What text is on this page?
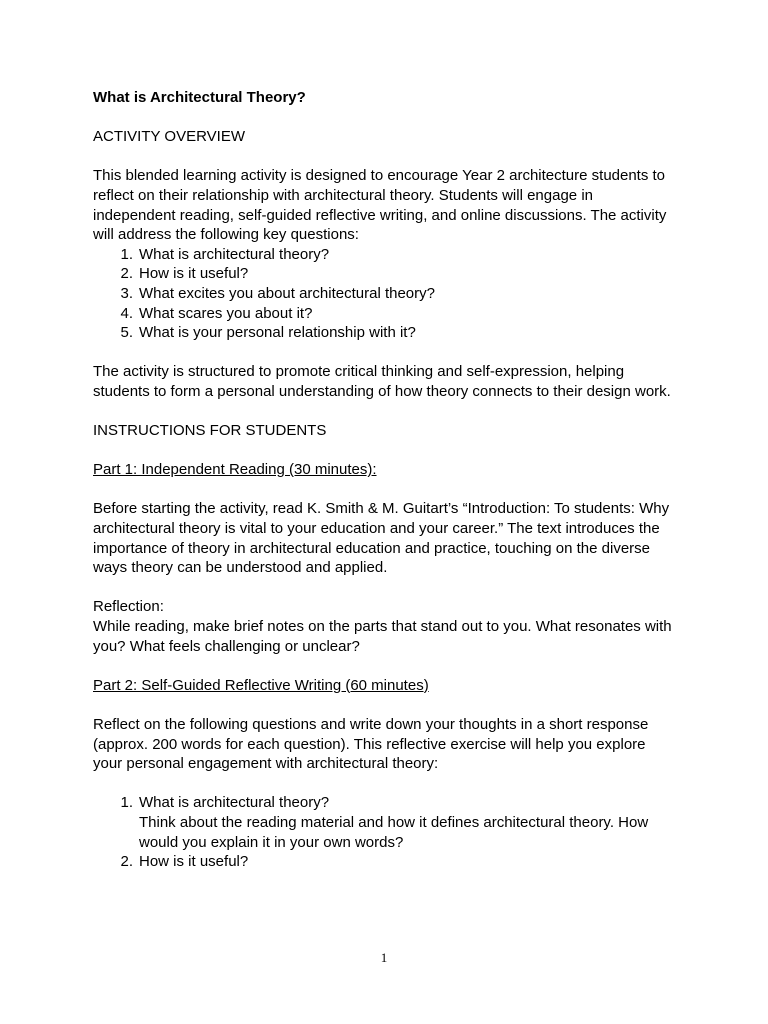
What is Architectural Theory?

ACTIVITY OVERVIEW

This blended learning activity is designed to encourage Year 2 architecture students to reflect on their relationship with architectural theory. Students will engage in independent reading, self-guided reflective writing, and online discussions. The activity will address the following key questions:

1. What is architectural theory?
2. How is it useful?
3. What excites you about architectural theory?
4. What scares you about it?
5. What is your personal relationship with it?

The activity is structured to promote critical thinking and self-expression, helping students to form a personal understanding of how theory connects to their design work.

INSTRUCTIONS FOR STUDENTS

Part 1: Independent Reading (30 minutes):

Before starting the activity, read K. Smith & M. Guitart’s “Introduction: To students: Why architectural theory is vital to your education and your career.” The text introduces the importance of theory in architectural education and practice, touching on the diverse ways theory can be understood and applied.

Reflection:

While reading, make brief notes on the parts that stand out to you. What resonates with you? What feels challenging or unclear?

Part 2: Self-Guided Reflective Writing (60 minutes)

Reflect on the following questions and write down your thoughts in a short response (approx. 200 words for each question). This reflective exercise will help you explore your personal engagement with architectural theory:

1. What is architectural theory?
Think about the reading material and how it defines architectural theory. How would you explain it in your own words?
2. How is it useful?
1
